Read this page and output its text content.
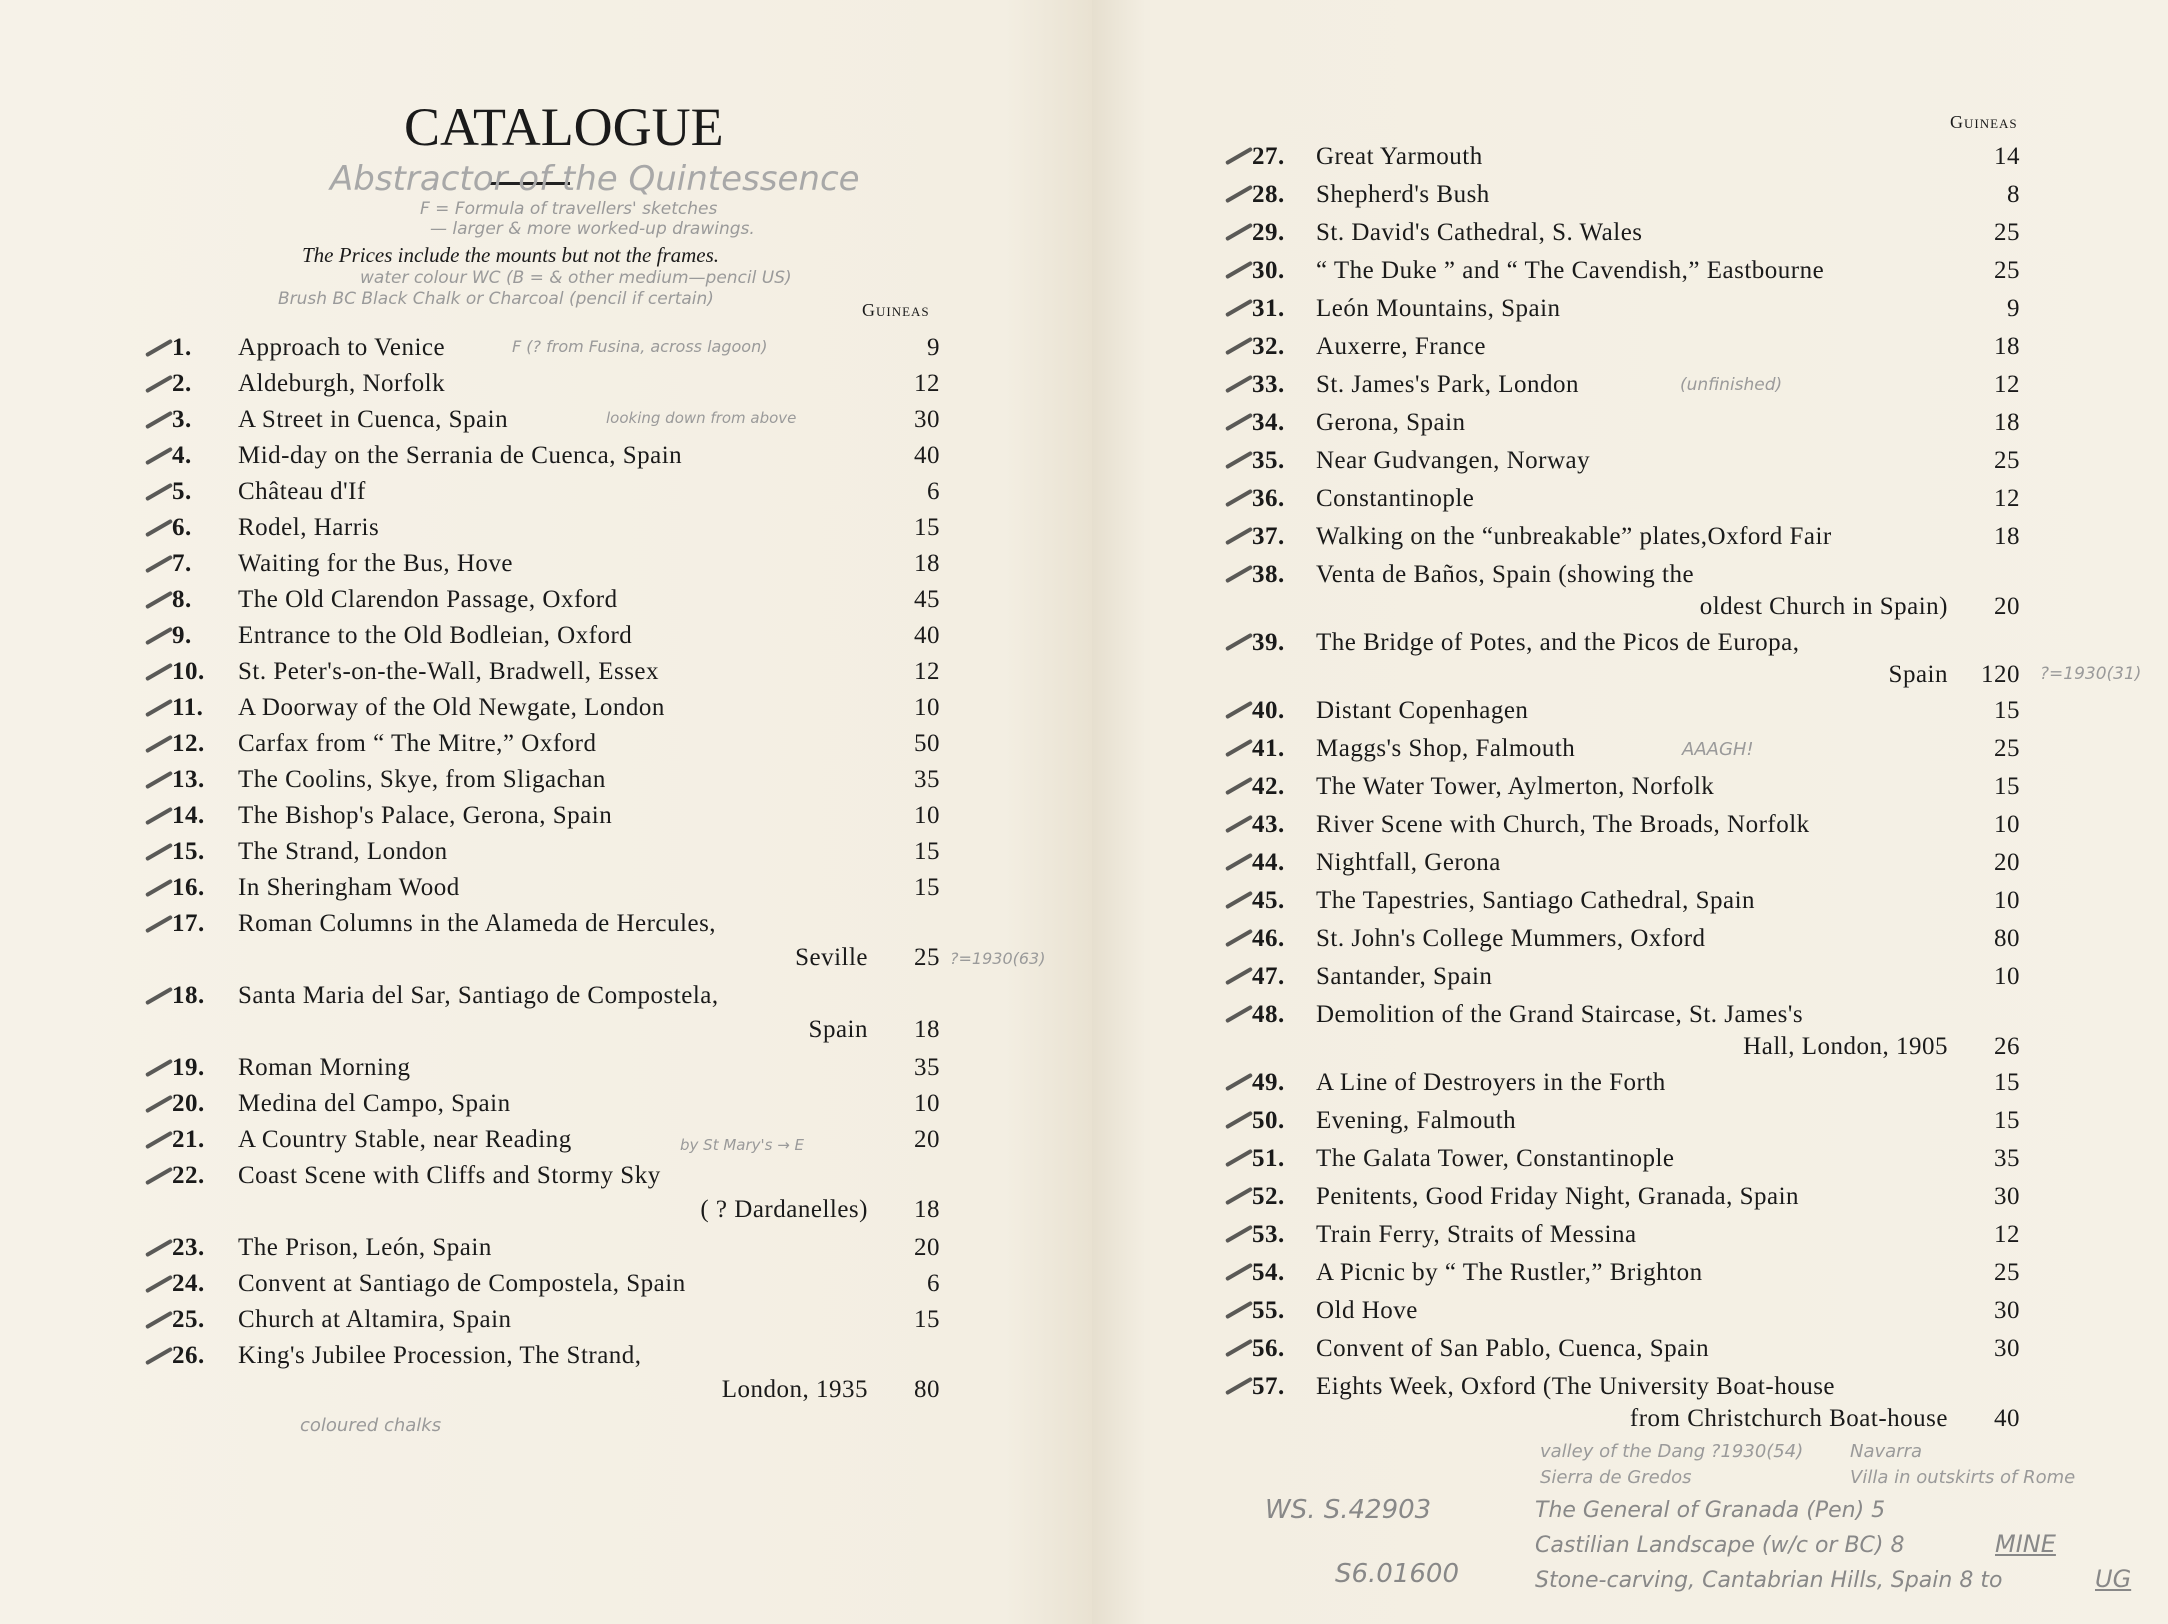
CATALOGUE
The Prices include the mounts but not the frames.
Guineas
1. Approach to Venice	9
2. Aldeburgh, Norfolk	12
3. A Street in Cuenca, Spain	30
4. Mid-day on the Serrania de Cuenca, Spain	40
5. Château d'If	6
6. Rodel, Harris	15
7. Waiting for the Bus, Hove	18
8. The Old Clarendon Passage, Oxford	45
9. Entrance to the Old Bodleian, Oxford	40
10. St. Peter's-on-the-Wall, Bradwell, Essex	12
11. A Doorway of the Old Newgate, London	10
12. Carfax from “ The Mitre,” Oxford	50
13. The Coolins, Skye, from Sligachan	35
14. The Bishop's Palace, Gerona, Spain	10
15. The Strand, London	15
16. In Sheringham Wood	15
17. Roman Columns in the Alameda de Hercules,
Seville	25
18. Santa Maria del Sar, Santiago de Compostela,
Spain	18
19. Roman Morning	35
20. Medina del Campo, Spain	10
21. A Country Stable, near Reading	20
22. Coast Scene with Cliffs and Stormy Sky
( ? Dardanelles)	18
23. The Prison, León, Spain	20
24. Convent at Santiago de Compostela, Spain	6
25. Church at Altamira, Spain	15
26. King's Jubilee Procession, The Strand,
London, 1935	80
Guineas
27. Great Yarmouth	14
28. Shepherd's Bush	8
29. St. David's Cathedral, S. Wales	25
30. “ The Duke ” and “ The Cavendish,” Eastbourne	25
31. León Mountains, Spain	9
32. Auxerre, France	18
33. St. James's Park, London	12
34. Gerona, Spain	18
35. Near Gudvangen, Norway	25
36. Constantinople	12
37. Walking on the “unbreakable” plates,Oxford Fair	18
38. Venta de Baños, Spain (showing the
oldest Church in Spain)	20
39. The Bridge of Potes, and the Picos de Europa,
Spain	120
40. Distant Copenhagen	15
41. Maggs's Shop, Falmouth	25
42. The Water Tower, Aylmerton, Norfolk	15
43. River Scene with Church, The Broads, Norfolk	10
44. Nightfall, Gerona	20
45. The Tapestries, Santiago Cathedral, Spain	10
46. St. John's College Mummers, Oxford	80
47. Santander, Spain	10
48. Demolition of the Grand Staircase, St. James's
Hall, London, 1905	26
49. A Line of Destroyers in the Forth	15
50. Evening, Falmouth	15
51. The Galata Tower, Constantinople	35
52. Penitents, Good Friday Night, Granada, Spain	30
53. Train Ferry, Straits of Messina	12
54. A Picnic by “ The Rustler,” Brighton	25
55. Old Hove	30
56. Convent of San Pablo, Cuenca, Spain	30
57. Eights Week, Oxford (The University Boat-house
from Christchurch Boat-house	40
Abstractor of the Quintessence
F = Formula of travellers' sketches
— larger & more worked-up drawings.
water colour WC (B = & other medium—pencil US)
Brush BC Black Chalk or Charcoal (pencil if certain)
F (? from Fusina, across lagoon)
looking down from above
by St Mary's → E
(unfinished)
AAAGH!
?=1930(31)
?=1930(63)
valley of the Dang ?1930(54)
Sierra de Gredos
Navarra
Villa in outskirts of Rome
WS. S.42903	The General of Granada (Pen) 5
Castilian Landscape (w/c or BC) 8
Stone-carving, Cantabrian Hills, Spain 8 to
MINE
UG
S6.01600
coloured chalks
